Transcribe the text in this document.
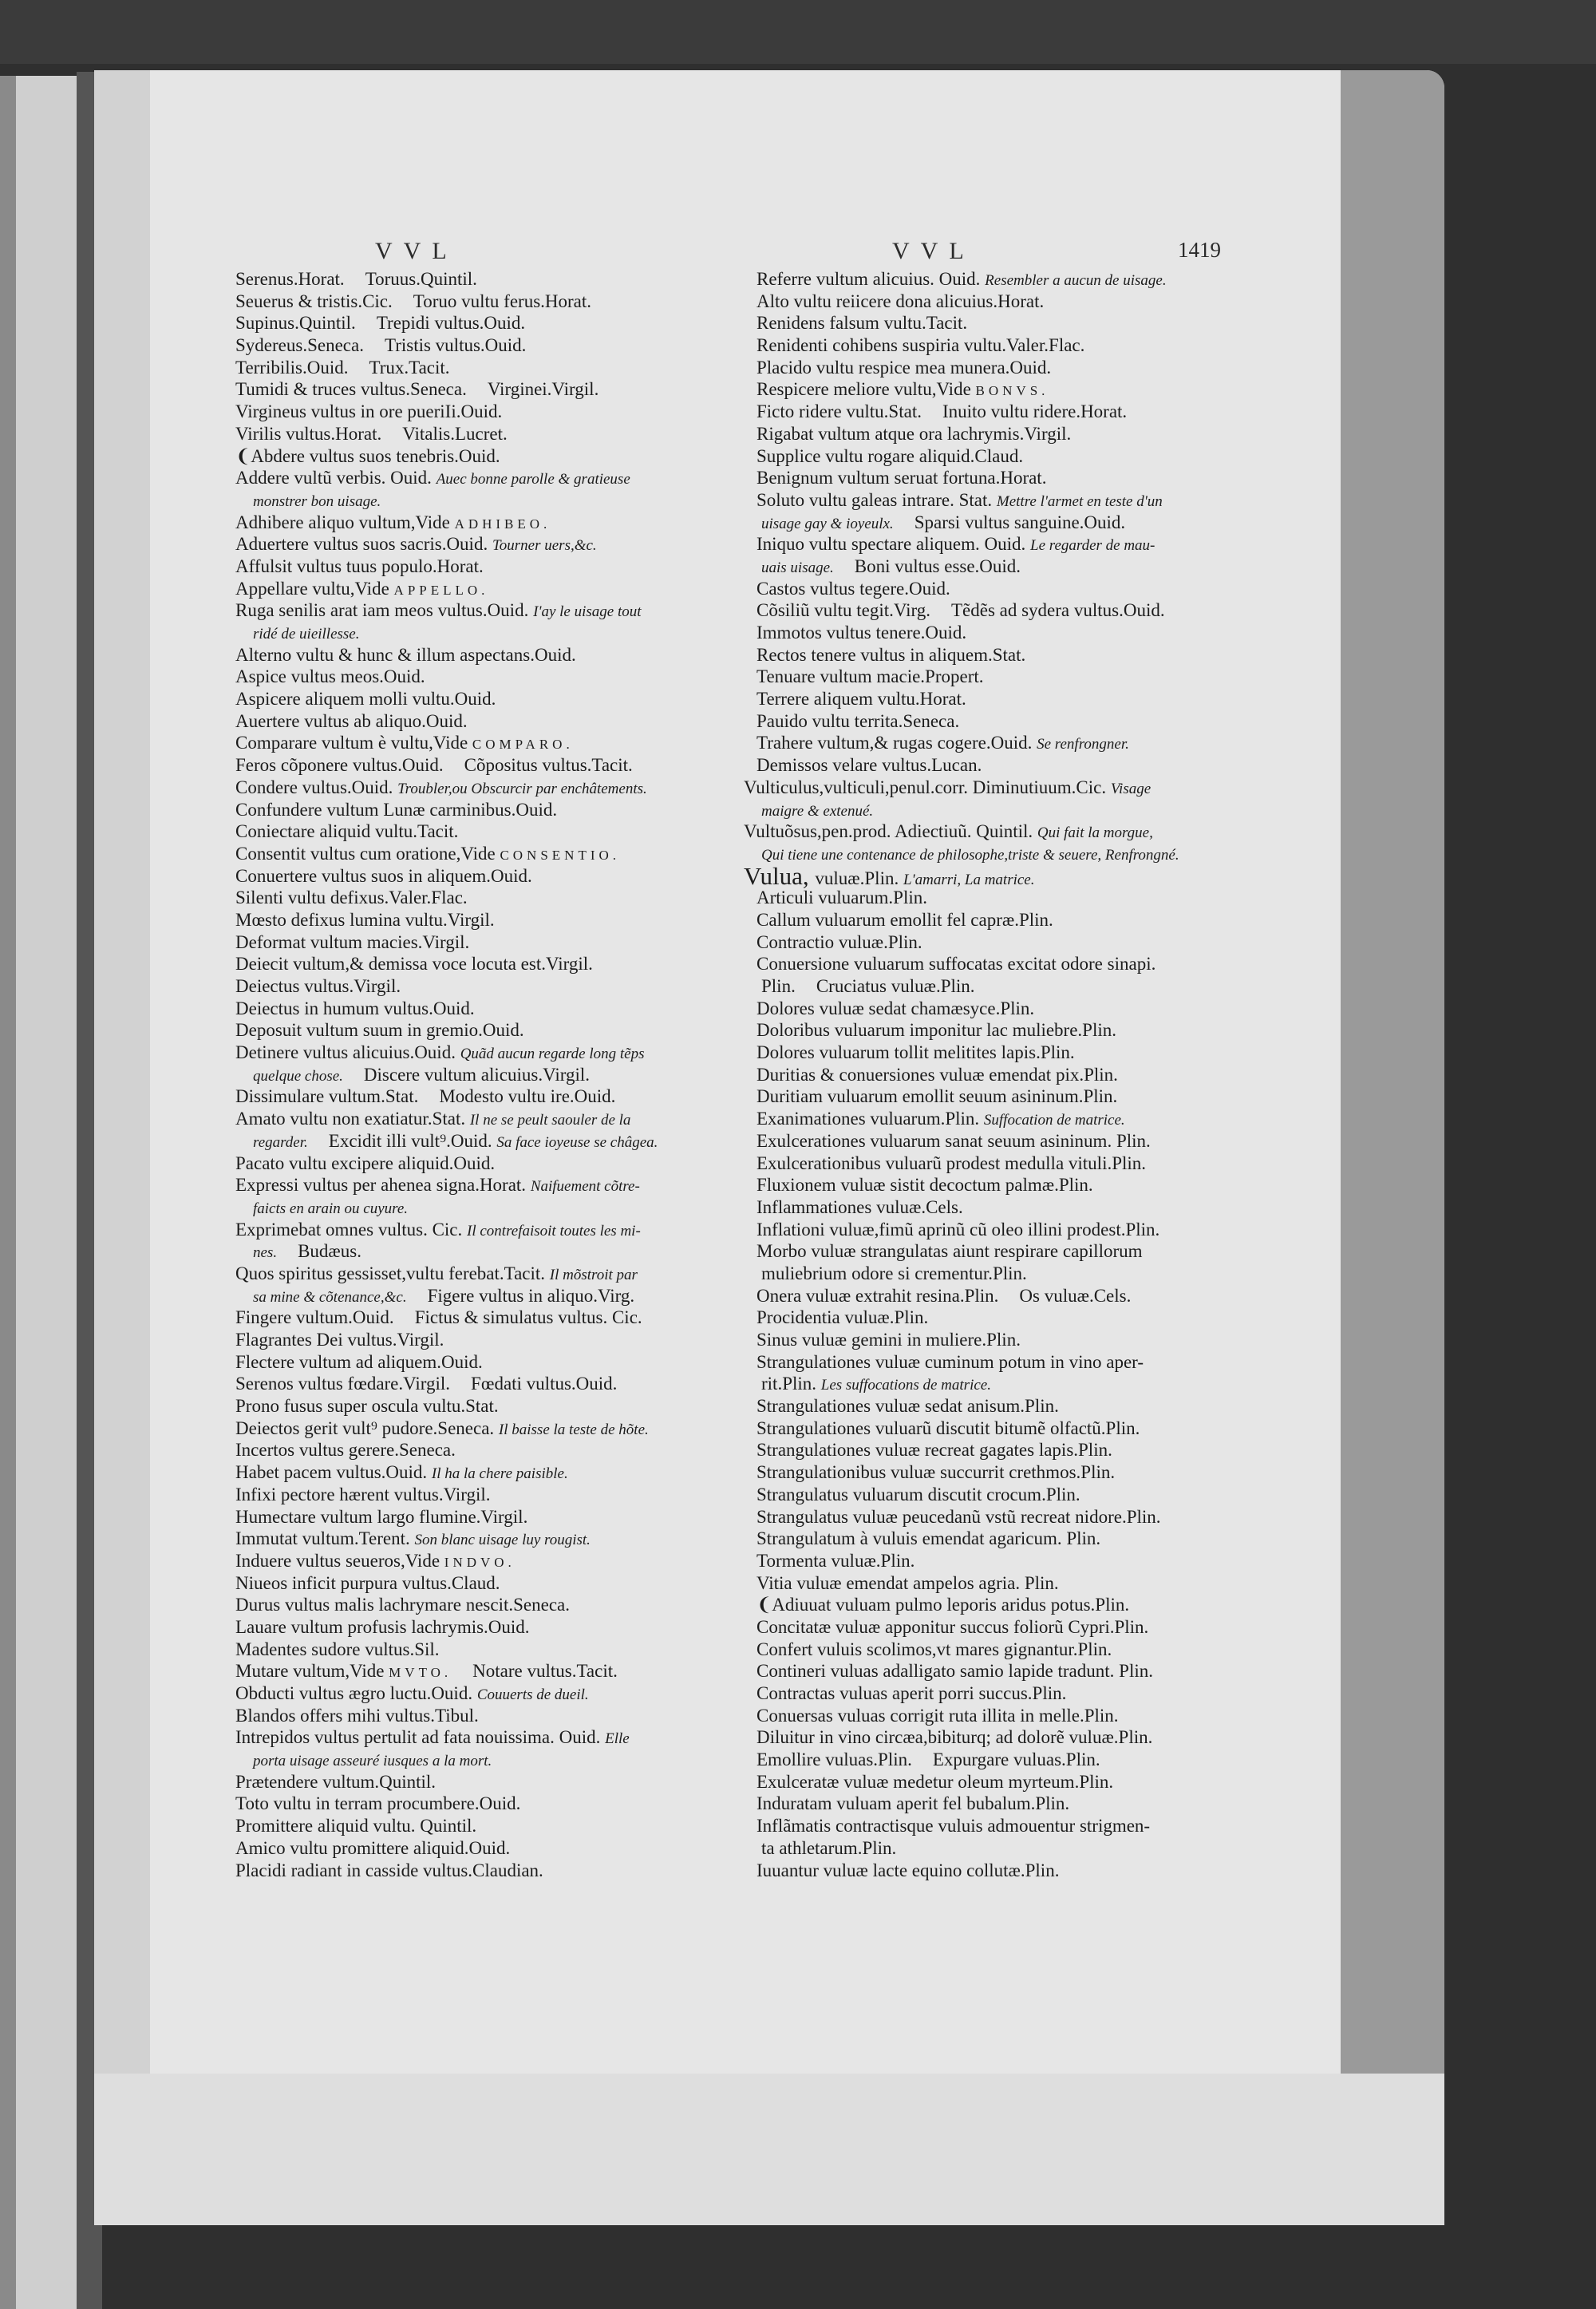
VVL	VVL	1419
Serenus.Horat. Toruus.Quintil.
Seuerus & tristis.Cic. Toruo vultu ferus.Horat.
Supinus.Quintil. Trepidi vultus.Ouid.
Sydereus.Seneca. Tristis vultus.Ouid.
Terribilis.Ouid. Trux.Tacit.
Tumidi & truces vultus.Seneca. Virginei.Virgil.
Virgineus vultus in ore pueriIi.Ouid.
Virilis vultus.Horat. Vitalis.Lucret.
❨Abdere vultus suos tenebris.Ouid.
Addere vultũ verbis. Ouid. Auec bonne parolle & gratieuse
monstrer bon uisage.
Adhibere aliquo vultum,Vide ADHIBEO.
Aduertere vultus suos sacris.Ouid. Tourner uers,&c.
Affulsit vultus tuus populo.Horat.
Appellare vultu,Vide APPELLO.
Ruga senilis arat iam meos vultus.Ouid. I'ay le uisage tout
ridé de uieillesse.
Alterno vultu & hunc & illum aspectans.Ouid.
Aspice vultus meos.Ouid.
Aspicere aliquem molli vultu.Ouid.
Auertere vultus ab aliquo.Ouid.
Comparare vultum è vultu,Vide COMPARO.
Feros cõponere vultus.Ouid. Cõpositus vultus.Tacit.
Condere vultus.Ouid. Troubler,ou Obscurcir par enchâtements.
Confundere vultum Lunæ carminibus.Ouid.
Coniectare aliquid vultu.Tacit.
Consentit vultus cum oratione,Vide CONSENTIO.
Conuertere vultus suos in aliquem.Ouid.
Silenti vultu defixus.Valer.Flac.
Mœsto defixus lumina vultu.Virgil.
Deformat vultum macies.Virgil.
Deiecit vultum,& demissa voce locuta est.Virgil.
Deiectus vultus.Virgil.
Deiectus in humum vultus.Ouid.
Deposuit vultum suum in gremio.Ouid.
Detinere vultus alicuius.Ouid. Quãd aucun regarde long tẽps
quelque chose. Discere vultum alicuius.Virgil.
Dissimulare vultum.Stat. Modesto vultu ire.Ouid.
Amato vultu non exatiatur.Stat. Il ne se peult saouler de la
regarder. Excidit illi vult⁹.Ouid. Sa face ioyeuse se châgea.
Pacato vultu excipere aliquid.Ouid.
Expressi vultus per ahenea signa.Horat. Naifuement cõtre-
faicts en arain ou cuyure.
Exprimebat omnes vultus. Cic. Il contrefaisoit toutes les mi-
nes. Budæus.
Quos spiritus gessisset,vultu ferebat.Tacit. Il mõstroit par
sa mine & cõtenance,&c. Figere vultus in aliquo.Virg.
Fingere vultum.Ouid. Fictus & simulatus vultus. Cic.
Flagrantes Dei vultus.Virgil.
Flectere vultum ad aliquem.Ouid.
Serenos vultus fœdare.Virgil. Fœdati vultus.Ouid.
Prono fusus super oscula vultu.Stat.
Deiectos gerit vult⁹ pudore.Seneca. Il baisse la teste de hõte.
Incertos vultus gerere.Seneca.
Habet pacem vultus.Ouid. Il ha la chere paisible.
Infixi pectore hærent vultus.Virgil.
Humectare vultum largo flumine.Virgil.
Immutat vultum.Terent. Son blanc uisage luy rougist.
Induere vultus seueros,Vide INDVO.
Niueos inficit purpura vultus.Claud.
Durus vultus malis lachrymare nescit.Seneca.
Lauare vultum profusis lachrymis.Ouid.
Madentes sudore vultus.Sil.
Mutare vultum,Vide MVTO. Notare vultus.Tacit.
Obducti vultus ægro luctu.Ouid. Couuerts de dueil.
Blandos offers mihi vultus.Tibul.
Intrepidos vultus pertulit ad fata nouissima. Ouid. Elle
porta uisage asseuré iusques a la mort.
Prætendere vultum.Quintil.
Toto vultu in terram procumbere.Ouid.
Promittere aliquid vultu. Quintil.
Amico vultu promittere aliquid.Ouid.
Placidi radiant in casside vultus.Claudian.
Referre vultum alicuius. Ouid. Resembler a aucun de uisage.
Alto vultu reiicere dona alicuius.Horat.
Renidens falsum vultu.Tacit.
Renidenti cohibens suspiria vultu.Valer.Flac.
Placido vultu respice mea munera.Ouid.
Respicere meliore vultu,Vide BONVS.
Ficto ridere vultu.Stat. Inuito vultu ridere.Horat.
Rigabat vultum atque ora lachrymis.Virgil.
Supplice vultu rogare aliquid.Claud.
Benignum vultum seruat fortuna.Horat.
Soluto vultu galeas intrare. Stat. Mettre l'armet en teste d'un
uisage gay & ioyeulx. Sparsi vultus sanguine.Ouid.
Iniquo vultu spectare aliquem. Ouid. Le regarder de mau-
uais uisage. Boni vultus esse.Ouid.
Castos vultus tegere.Ouid.
Cõsiliũ vultu tegit.Virg. Tẽdẽs ad sydera vultus.Ouid.
Immotos vultus tenere.Ouid.
Rectos tenere vultus in aliquem.Stat.
Tenuare vultum macie.Propert.
Terrere aliquem vultu.Horat.
Pauido vultu territa.Seneca.
Trahere vultum,& rugas cogere.Ouid. Se renfrongner.
Demissos velare vultus.Lucan.
Vulticulus,vulticuli,penul.corr. Diminutiuum.Cic. Visage
maigre & extenué.
Vultuõsus,pen.prod. Adiectiuũ. Quintil. Qui fait la morgue,
Qui tiene une contenance de philosophe,triste & seuere, Renfrongné.
Vulua, vuluæ.Plin. L'amarri, La matrice.
Articuli vuluarum.Plin.
Callum vuluarum emollit fel capræ.Plin.
Contractio vuluæ.Plin.
Conuersione vuluarum suffocatas excitat odore sinapi.
Plin. Cruciatus vuluæ.Plin.
Dolores vuluæ sedat chamæsyce.Plin.
Doloribus vuluarum imponitur lac muliebre.Plin.
Dolores vuluarum tollit melitites lapis.Plin.
Duritias & conuersiones vuluæ emendat pix.Plin.
Duritiam vuluarum emollit seuum asininum.Plin.
Exanimationes vuluarum.Plin. Suffocation de matrice.
Exulcerationes vuluarum sanat seuum asininum. Plin.
Exulcerationibus vuluarũ prodest medulla vituli.Plin.
Fluxionem vuluæ sistit decoctum palmæ.Plin.
Inflammationes vuluæ.Cels.
Inflationi vuluæ,fimũ aprinũ cũ oleo illini prodest.Plin.
Morbo vuluæ strangulatas aiunt respirare capillorum
muliebrium odore si crementur.Plin.
Onera vuluæ extrahit resina.Plin. Os vuluæ.Cels.
Procidentia vuluæ.Plin.
Sinus vuluæ gemini in muliere.Plin.
Strangulationes vuluæ cuminum potum in vino aper-
rit.Plin. Les suffocations de matrice.
Strangulationes vuluæ sedat anisum.Plin.
Strangulationes vuluarũ discutit bitumẽ olfactũ.Plin.
Strangulationes vuluæ recreat gagates lapis.Plin.
Strangulationibus vuluæ succurrit crethmos.Plin.
Strangulatus vuluarum discutit crocum.Plin.
Strangulatus vuluæ peucedanũ vstũ recreat nidore.Plin.
Strangulatum à vuluis emendat agaricum. Plin.
Tormenta vuluæ.Plin.
Vitia vuluæ emendat ampelos agria. Plin.
❨Adiuuat vuluam pulmo leporis aridus potus.Plin.
Concitatæ vuluæ apponitur succus foliorũ Cypri.Plin.
Confert vuluis scolimos,vt mares gignantur.Plin.
Contineri vuluas adalligato samio lapide tradunt. Plin.
Contractas vuluas aperit porri succus.Plin.
Conuersas vuluas corrigit ruta illita in melle.Plin.
Diluitur in vino circæa,bibiturq; ad dolorẽ vuluæ.Plin.
Emollire vuluas.Plin. Expurgare vuluas.Plin.
Exulceratæ vuluæ medetur oleum myrteum.Plin.
Induratam vuluam aperit fel bubalum.Plin.
Inflãmatis contractisque vuluis admouentur strigmen-
ta athletarum.Plin.
Iuuantur vuluæ lacte equino collutæ.Plin.
